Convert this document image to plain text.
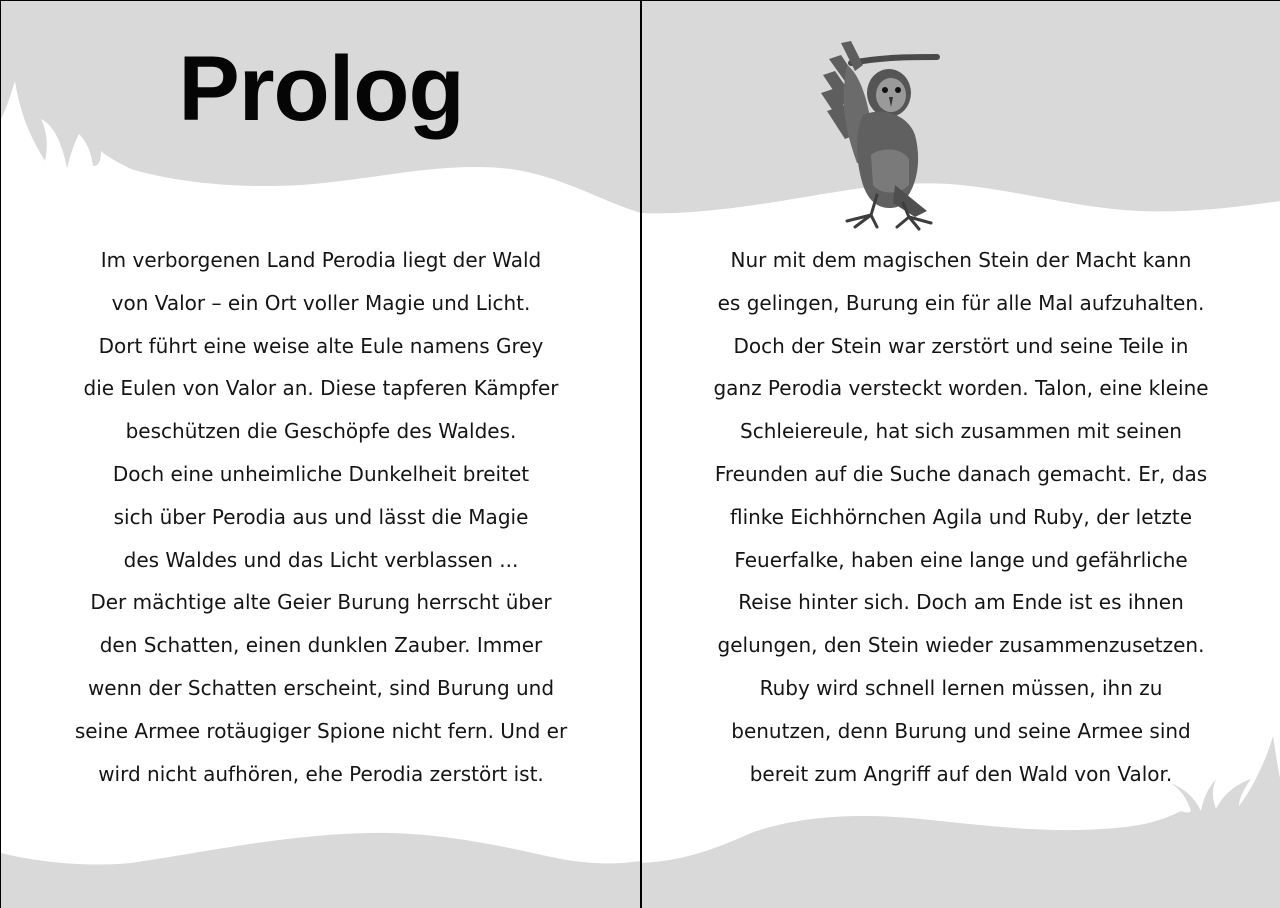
Prolog
Im verborgenen Land Perodia liegt der Wald
von Valor – ein Ort voller Magie und Licht.
Dort führt eine weise alte Eule namens Grey
die Eulen von Valor an. Diese tapferen Kämpfer
beschützen die Geschöpfe des Waldes.
Doch eine unheimliche Dunkelheit breitet
sich über Perodia aus und lässt die Magie
des Waldes und das Licht verblassen ...
Der mächtige alte Geier Burung herrscht über
den Schatten, einen dunklen Zauber. Immer
wenn der Schatten erscheint, sind Burung und
seine Armee rotäugiger Spione nicht fern. Und er
wird nicht aufhören, ehe Perodia zerstört ist.
Nur mit dem magischen Stein der Macht kann
es gelingen, Burung ein für alle Mal aufzuhalten.
Doch der Stein war zerstört und seine Teile in
ganz Perodia versteckt worden. Talon, eine kleine
Schleiereule, hat sich zusammen mit seinen
Freunden auf die Suche danach gemacht. Er, das
flinke Eichhörnchen Agila und Ruby, der letzte
Feuerfalke, haben eine lange und gefährliche
Reise hinter sich. Doch am Ende ist es ihnen
gelungen, den Stein wieder zusammenzusetzen.
Ruby wird schnell lernen müssen, ihn zu
benutzen, denn Burung und seine Armee sind
bereit zum Angriff auf den Wald von Valor.
